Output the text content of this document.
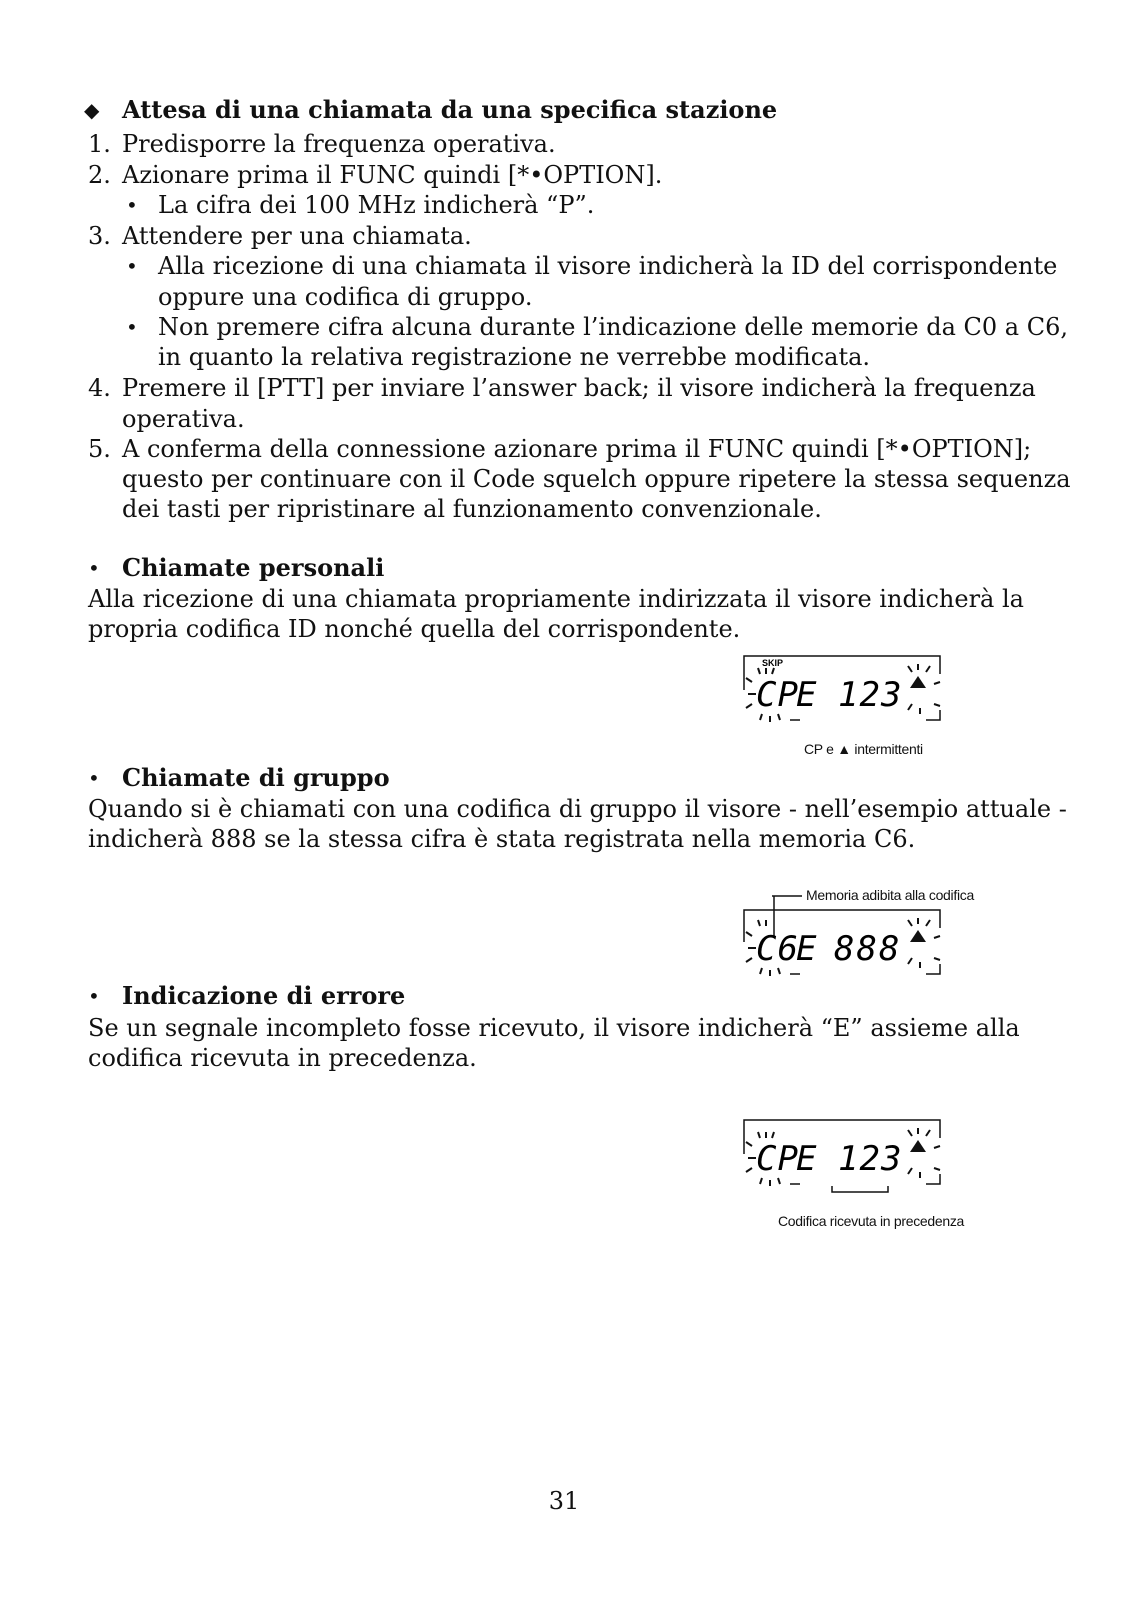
◆ Attesa di una chiamata da una specifica stazione
1. Predisporre la frequenza operativa.
2. Azionare prima il FUNC quindi [*•OPTION].
• La cifra dei 100 MHz indicherà “P”.
3. Attendere per una chiamata.
• Alla ricezione di una chiamata il visore indicherà la ID del corrispondente
oppure una codifica di gruppo.
• Non premere cifra alcuna durante l’indicazione delle memorie da C0 a C6,
in quanto la relativa registrazione ne verrebbe modificata.
4. Premere il [PTT] per inviare l’answer back; il visore indicherà la frequenza
operativa.
5. A conferma della connessione azionare prima il FUNC quindi [*•OPTION];
questo per continuare con il Code squelch oppure ripetere la stessa sequenza
dei tasti per ripristinare al funzionamento convenzionale.
• Chiamate personali
Alla ricezione di una chiamata propriamente indirizzata il visore indicherà la
propria codifica ID nonché quella del corrispondente.
SKIP
CP
E 123
CP e ▲ intermittenti
• Chiamate di gruppo
Quando si è chiamati con una codifica di gruppo il visore - nell’esempio attuale -
indicherà 888 se la stessa cifra è stata registrata nella memoria C6.
Memoria adibita alla codifica
C6
E 888
• Indicazione di errore
Se un segnale incompleto fosse ricevuto, il visore indicherà “E” assieme alla
codifica ricevuta in precedenza.
CP
E 123
Codifica ricevuta in precedenza
31
